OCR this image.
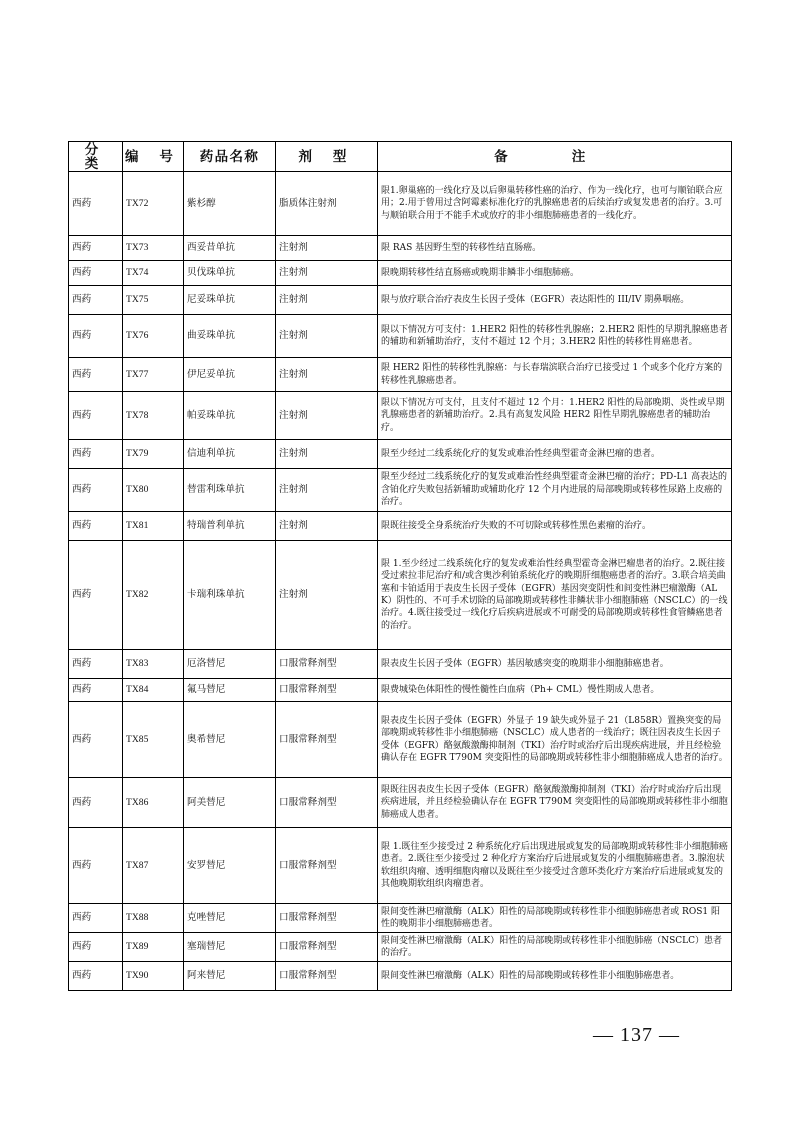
分 类	编 号	药品名称	剂 型	备 注
西药	TX72	紫杉醇	脂质体注射剂	限1.卵巢癌的一线化疗及以后卵巢转移性癌的治疗、作为一线化疗，也可与顺铂联合应用；2.用于曾用过含阿霉素标准化疗的乳腺癌患者的后续治疗或复发患者的治疗。3.可与顺铂联合用于不能手术或放疗的非小细胞肺癌患者的一线化疗。
西药	TX73	西妥昔单抗	注射剂	限 RAS 基因野生型的转移性结直肠癌。
西药	TX74	贝伐珠单抗	注射剂	限晚期转移性结直肠癌或晚期非鳞非小细胞肺癌。
西药	TX75	尼妥珠单抗	注射剂	限与放疗联合治疗表皮生长因子受体（EGFR）表达阳性的 III/IV 期鼻咽癌。
西药	TX76	曲妥珠单抗	注射剂	限以下情况方可支付：1.HER2 阳性的转移性乳腺癌；2.HER2 阳性的早期乳腺癌患者的辅助和新辅助治疗，支付不超过 12 个月；3.HER2 阳性的转移性胃癌患者。
西药	TX77	伊尼妥单抗	注射剂	限 HER2 阳性的转移性乳腺癌：与长春瑞滨联合治疗已接受过 1 个或多个化疗方案的转移性乳腺癌患者。
西药	TX78	帕妥珠单抗	注射剂	限以下情况方可支付，且支付不超过 12 个月：1.HER2 阳性的局部晚期、炎性或早期乳腺癌患者的新辅助治疗。2.具有高复发风险 HER2 阳性早期乳腺癌患者的辅助治疗。
西药	TX79	信迪利单抗	注射剂	限至少经过二线系统化疗的复发或难治性经典型霍奇金淋巴瘤的患者。
西药	TX80	替雷利珠单抗	注射剂	限至少经过二线系统化疗的复发或难治性经典型霍奇金淋巴瘤的治疗；PD-L1 高表达的含铂化疗失败包括新辅助或辅助化疗 12 个月内进展的局部晚期或转移性尿路上皮癌的治疗。
西药	TX81	特瑞普利单抗	注射剂	限既往接受全身系统治疗失败的不可切除或转移性黑色素瘤的治疗。
西药	TX82	卡瑞利珠单抗	注射剂	限 1.至少经过二线系统化疗的复发或难治性经典型霍奇金淋巴瘤患者的治疗。2.既往接受过索拉非尼治疗和/或含奥沙利铂系统化疗的晚期肝细胞癌患者的治疗。3.联合培美曲塞和卡铂适用于表皮生长因子受体（EGFR）基因突变阴性和间变性淋巴瘤激酶（ALK）阴性的、不可手术切除的局部晚期或转移性非鳞状非小细胞肺癌（NSCLC）的一线治疗。4.既往接受过一线化疗后疾病进展或不可耐受的局部晚期或转移性食管鳞癌患者的治疗。
西药	TX83	厄洛替尼	口服常释剂型	限表皮生长因子受体（EGFR）基因敏感突变的晚期非小细胞肺癌患者。
西药	TX84	氟马替尼	口服常释剂型	限费城染色体阳性的慢性髓性白血病（Ph+ CML）慢性期成人患者。
西药	TX85	奥希替尼	口服常释剂型	限表皮生长因子受体（EGFR）外显子 19 缺失或外显子 21（L858R）置换突变的局部晚期或转移性非小细胞肺癌（NSCLC）成人患者的一线治疗；既往因表皮生长因子受体（EGFR）酪氨酸激酶抑制剂（TKI）治疗时或治疗后出现疾病进展，并且经检验确认存在 EGFR T790M 突变阳性的局部晚期或转移性非小细胞肺癌成人患者的治疗。
西药	TX86	阿美替尼	口服常释剂型	限既往因表皮生长因子受体（EGFR）酪氨酸激酶抑制剂（TKI）治疗时或治疗后出现疾病进展，并且经检验确认存在 EGFR T790M 突变阳性的局部晚期或转移性非小细胞肺癌成人患者。
西药	TX87	安罗替尼	口服常释剂型	限 1.既往至少接受过 2 种系统化疗后出现进展或复发的局部晚期或转移性非小细胞肺癌患者。2.既往至少接受过 2 种化疗方案治疗后进展或复发的小细胞肺癌患者。3.腺泡状软组织肉瘤、透明细胞肉瘤以及既往至少接受过含蒽环类化疗方案治疗后进展或复发的其他晚期软组织肉瘤患者。
西药	TX88	克唑替尼	口服常释剂型	限间变性淋巴瘤激酶（ALK）阳性的局部晚期或转移性非小细胞肺癌患者或 ROS1 阳性的晚期非小细胞肺癌患者。
西药	TX89	塞瑞替尼	口服常释剂型	限间变性淋巴瘤激酶（ALK）阳性的局部晚期或转移性非小细胞肺癌（NSCLC）患者的治疗。
西药	TX90	阿来替尼	口服常释剂型	限间变性淋巴瘤激酶（ALK）阳性的局部晚期或转移性非小细胞肺癌患者。
— 137 —
